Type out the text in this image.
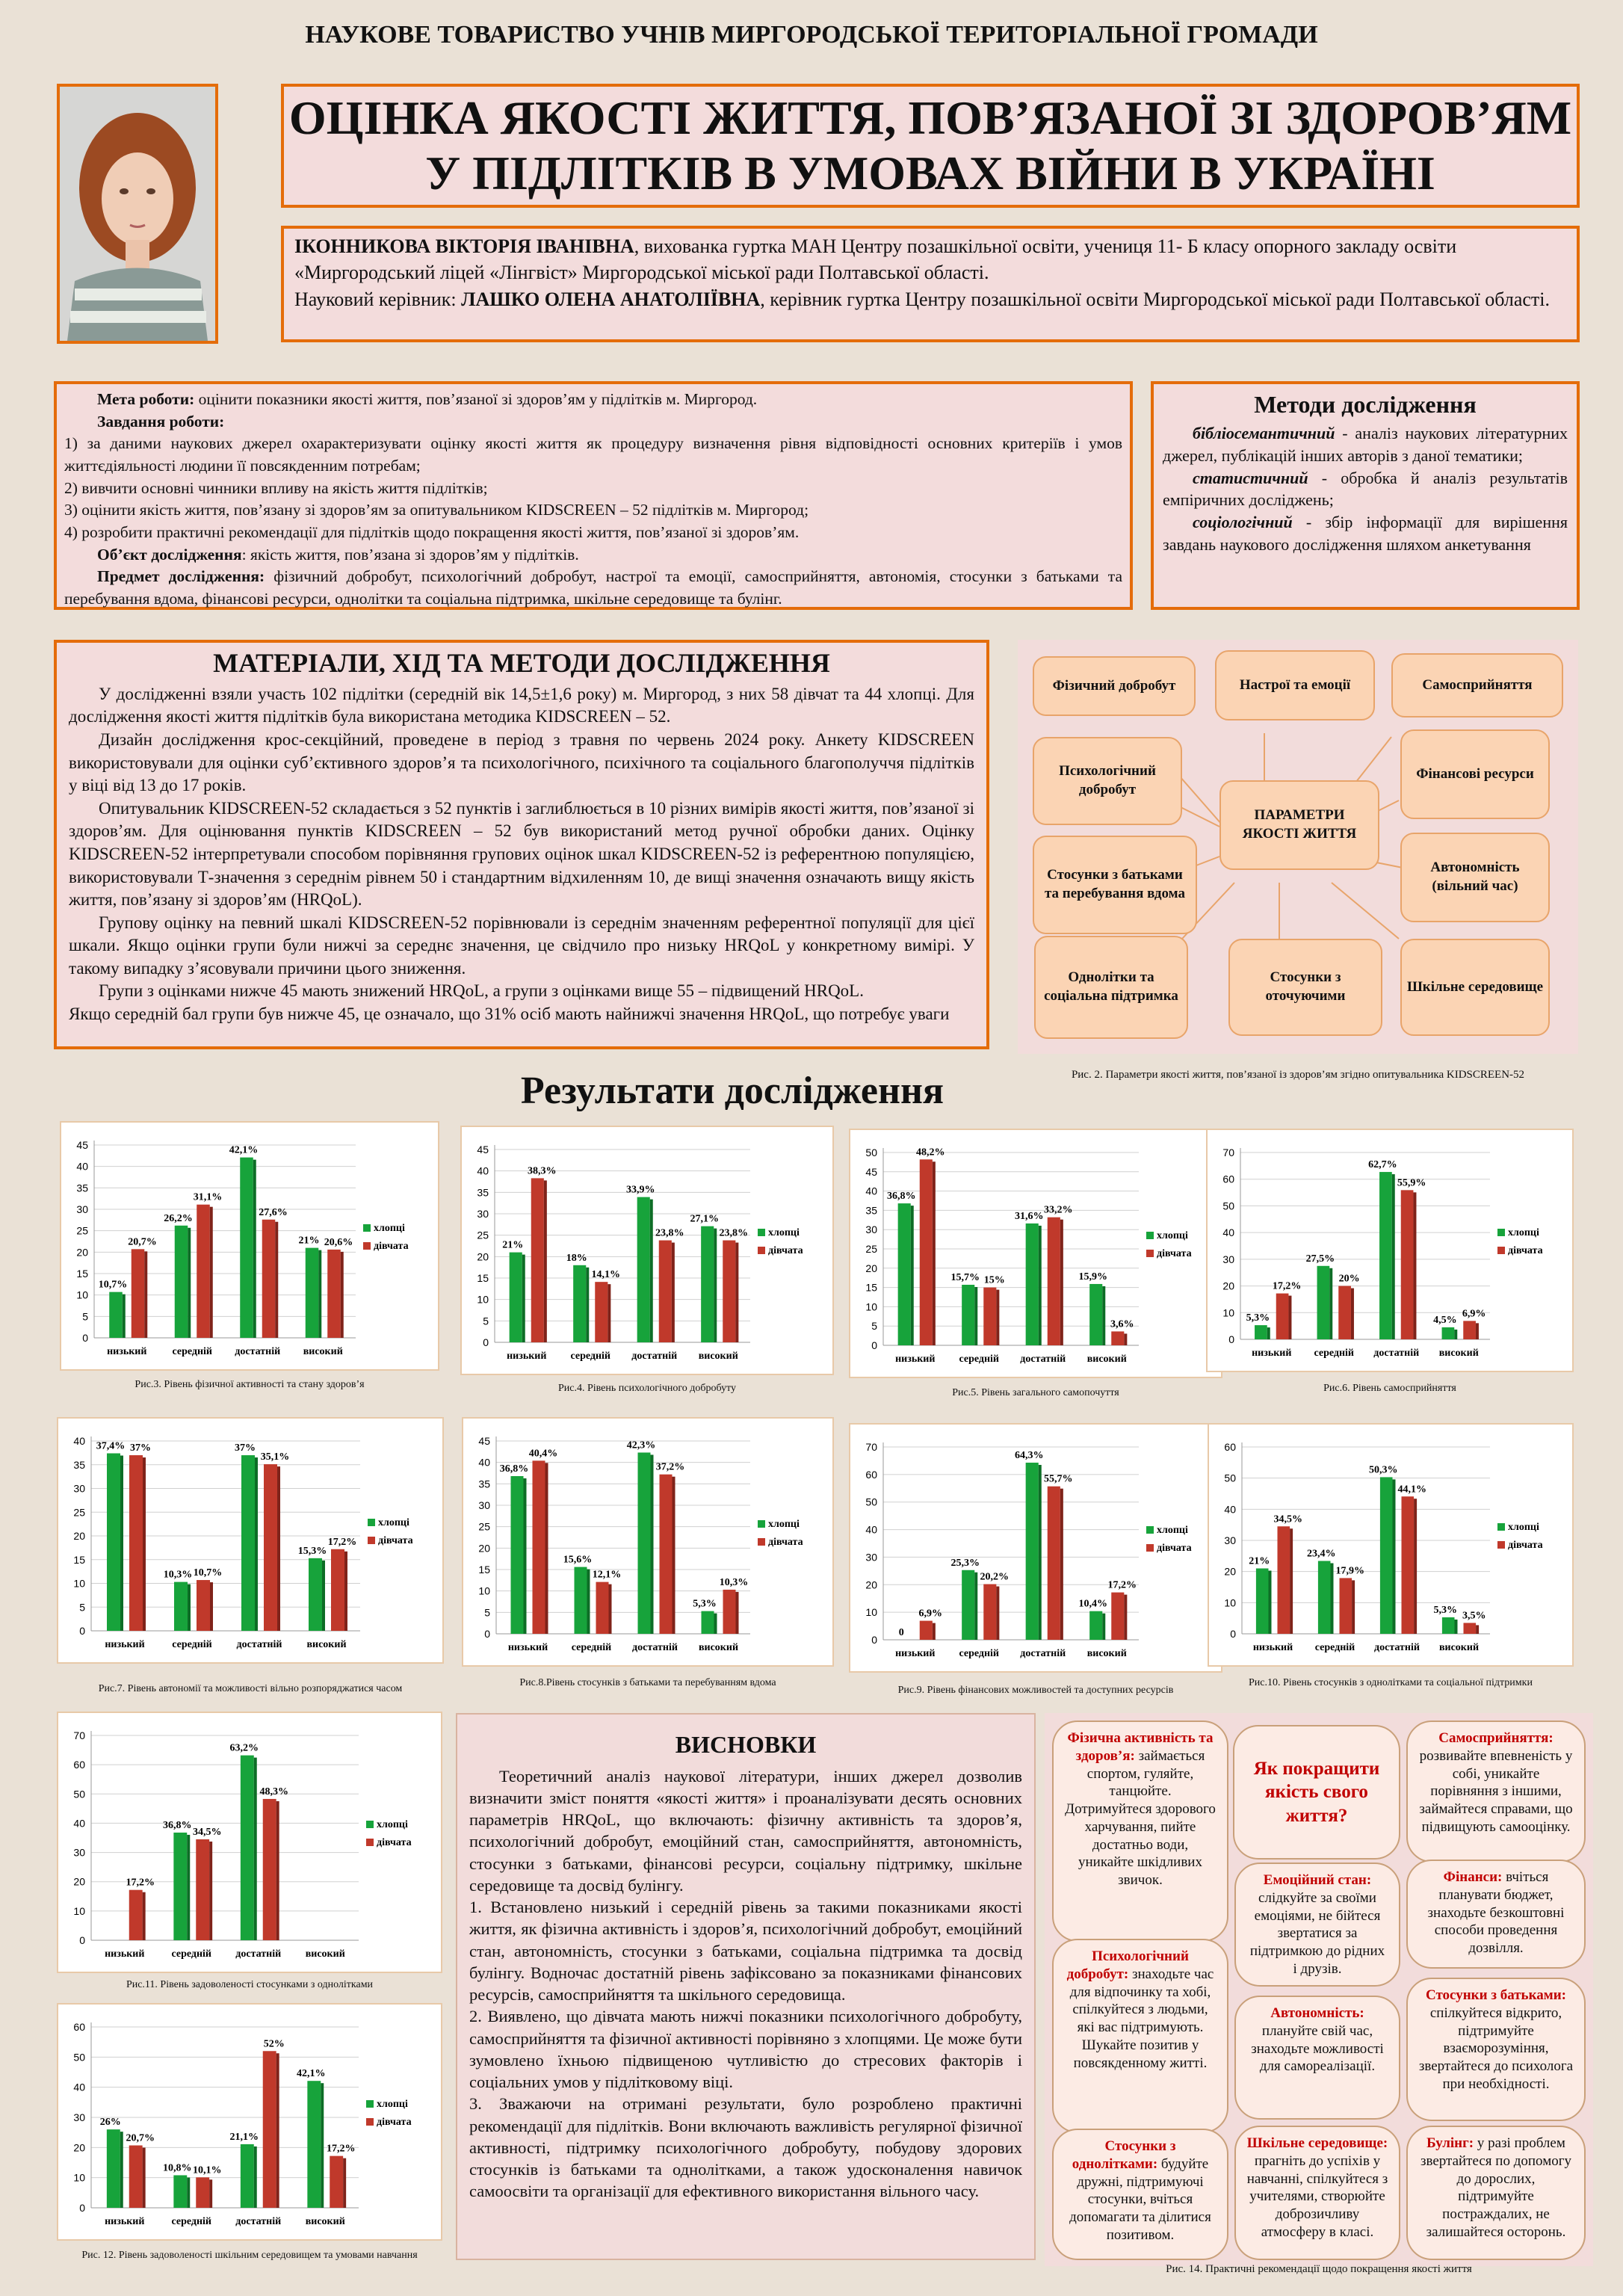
НАУКОВЕ ТОВАРИСТВО УЧНІВ МИРГОРОДСЬКОЇ ТЕРИТОРІАЛЬНОЇ ГРОМАДИ
ОЦІНКА ЯКОСТІ ЖИТТЯ, ПОВ’ЯЗАНОЇ ЗІ ЗДОРОВ’ЯМ
У ПІДЛІТКІВ В УМОВАХ ВІЙНИ В УКРАЇНІ

ІКОННИКОВА ВІКТОРІЯ ІВАНІВНА, вихованка гуртка МАН Центру позашкільної освіти, учениця 11- Б класу опорного закладу освіти «Миргородський ліцей «Лінгвіст» Миргородської міської ради Полтавської області.

Науковий керівник: ЛАШКО ОЛЕНА АНАТОЛІЇВНА, керівник гуртка Центру позашкільної освіти Миргородської міської ради Полтавської області.

Мета роботи: оцінити показники якості життя, пов’язаної зі здоров’ям у підлітків м. Миргород.

Завдання роботи:

1) за даними наукових джерел охарактеризувати оцінку якості життя як процедуру визначення рівня відповідності основних критеріїв і умов життєдіяльності людини її повсякденним потребам;

2) вивчити основні чинники впливу на якість життя підлітків;

3) оцінити якість життя, пов’язану зі здоров’ям за опитувальником KIDSCREEN – 52 підлітків м. Миргород;

4) розробити практичні рекомендації для підлітків щодо покращення якості життя, пов’язаної зі здоров’ям.

Об’єкт дослідження: якість життя, пов’язана зі здоров’ям у підлітків.

Предмет дослідження: фізичний добробут, психологічний добробут, настрої та емоції, самосприйняття, автономія, стосунки з батьками та перебування вдома, фінансові ресурси, однолітки та соціальна підтримка, шкільне середовище та булінг.

Методи дослідження

бібліосемантичний - аналіз наукових літературних джерел, публікацій інших авторів з даної тематики;

статистичний - обробка й аналіз результатів емпіричних досліджень;

соціологічний - збір інформації для вирішення завдань наукового дослідження шляхом анкетування

МАТЕРІАЛИ, ХІД ТА МЕТОДИ ДОСЛІДЖЕННЯ

У дослідженні взяли участь 102 підлітки (середній вік 14,5±1,6 року) м. Миргород, з них 58 дівчат та 44 хлопці. Для дослідження якості життя підлітків була використана методика KIDSCREEN – 52.

Дизайн дослідження крос-секційний, проведене в період з травня по червень 2024 року. Анкету KIDSCREEN використовували для оцінки суб’єктивного здоров’я та психологічного, психічного та соціального благополуччя підлітків у віці від 13 до 17 років.

Опитувальник KIDSCREEN-52 складається з 52 пунктів і заглиблюється в 10 різних вимірів якості життя, пов’язаної зі здоров’ям. Для оцінювання пунктів KIDSCREEN – 52 був використаний метод ручної обробки даних. Оцінку KIDSCREEN-52 інтерпретували способом порівняння групових оцінок шкал KIDSCREEN-52 із референтною популяцією, використовували Т-значення з середнім рівнем 50 і стандартним відхиленням 10, де вищі значення означають вищу якість життя, пов’язану зі здоров’ям (HRQoL).

Групову оцінку на певний шкалі KIDSCREEN-52 порівнювали із середнім значенням референтної популяції для цієї шкали. Якщо оцінки групи були нижчі за середнє значення, це свідчило про низьку HRQoL у конкретному вимірі. У такому випадку з’ясовували причини цього зниження.

Групи з оцінками нижче 45 мають знижений HRQoL, а групи з оцінками вище 55 – підвищений HRQoL.

Якщо середній бал групи був нижче 45, це означало, що 31% осіб мають найнижчі значення HRQoL, що потребує уваги

Фізичний добробут	Настрої та емоції	Самосприйняття
Психологічний добробут
Фінансові ресурси
ПАРАМЕТРИ ЯКОСТІ ЖИТТЯ
Стосунки з батьками та перебування вдома
Автономність (вільний час)
Однолітки та соціальна підтримка
Стосунки з оточуючими
Шкільне середовище
Рис. 2. Параметри якості життя, пов’язаної із здоров’ям згідно опитувальника KIDSCREEN-52
Результати дослідження
0
5
10
15
20
25
30
35
40
45
10,7%
20,7%
низький
26,2%
31,1%
середній
42,1%
27,6%
достатній
21% 20,6%
високий
хлопці
дівчата
Рис.3. Рівень фізичної активності та стану здоров’я
0
5
10
15
20
25
30
35
40
45
21%
38,3%
низький
18%
14,1%
середній
33,9%
23,8%
достатній
27,1%
23,8%
високий
хлопці
дівчата
Рис.4. Рівень психологічного добробуту
0
5
10
15
20
25
30
35
40
45
50
36,8%
48,2%
низький
15,7% 15%
середній
31,6%
33,2%
достатній
15,9%
3,6%
високий
хлопці
дівчата
Рис.5. Рівень загального самопочуття
0
10
20
30
40
50
60
70
5,3%
17,2%
низький
27,5%
20%
середній
62,7%
55,9%
достатній
4,5%
6,9%
високий
хлопці
дівчата
Рис.6. Рівень самосприйняття
0
5
10
15
20
25
30
35
40 37,4% 37%
низький
10,3% 10,7%
середній
37%
35,1%
достатній
15,3%
17,2%
високий
хлопці
дівчата
Рис.7. Рівень автономії та можливості вільно розпоряджатися часом
0
5
10
15
20
25
30
35
40
45
36,8%
40,4%
низький
15,6%
12,1%
середній
42,3%
37,2%
достатній
5,3%
10,3%
високий
хлопці
дівчата
Рис.8.Рівень стосунків з батьками та перебуванням вдома
0
10
20
30
40
50
60
70
0
6,9%
низький
25,3%
20,2%
середній
64,3%
55,7%
достатній
10,4%
17,2%
високий
хлопці
дівчата
Рис.9. Рівень фінансових можливостей та доступних ресурсів
0
10
20
30
40
50
60
21%
34,5%
низький
23,4%
17,9%
середній
50,3%
44,1%
достатній
5,3% 3,5%
високий
хлопці
дівчата
Рис.10. Рівень стосунків з однолітками та соціальної підтримки
0
10
20
30
40
50
60
70
17,2%
низький
36,8%
34,5%
середній
63,2%
48,3%
достатній високий
хлопці
дівчата
Рис.11. Рівень задоволеності стосунками з однолітками
0
10
20
30
40
50
60
26%
20,7%
низький
10,8% 10,1%
середній
21,1%
52%
достатній
42,1%
17,2%
високий
хлопці
дівчата
Рис. 12. Рівень задоволеності шкільним середовищем та умовами навчання
ВИСНОВКИ

Теоретичний аналіз наукової літератури, інших джерел дозволив визначити зміст поняття «якості життя» і проаналізувати десять основних параметрів HRQoL, що включають: фізичну активність та здоров’я, психологічний добробут, емоційний стан, самосприйняття, автономність, стосунки з батьками, фінансові ресурси, соціальну підтримку, шкільне середовище та досвід булінгу.

1. Встановлено низький і середній рівень за такими показниками якості життя, як фізична активність і здоров’я, психологічний добробут, емоційний стан, автономність, стосунки з батьками, соціальна підтримка та досвід булінгу. Водночас достатній рівень зафіксовано за показниками фінансових ресурсів, самосприйняття та шкільного середовища.

2. Виявлено, що дівчата мають нижчі показники психологічного добробуту, самосприйняття та фізичної активності порівняно з хлопцями. Це може бути зумовлено їхньою підвищеною чутливістю до стресових факторів і соціальних умов у підлітковому віці.

3. Зважаючи на отримані результати, було розроблено практичні рекомендації для підлітків. Вони включають важливість регулярної фізичної активності, підтримку психологічного добробуту, побудову здорових стосунків із батьками та однолітками, а також удосконалення навичок самоосвіти та організації для ефективного використання вільного часу.

Фізична активність та здоров’я: займається спортом, гуляйте, танцюйте. Дотримуйтеся здорового харчування, пийте достатньо води, уникайте шкідливих звичок.
Як покращити якість свого життя?
Самосприйняття: розвивайте впевненість у собі, уникайте порівняння з іншими, займайтеся справами, що підвищують самооцінку.
Емоційний стан: слідкуйте за своїми емоціями, не бійтеся звертатися за підтримкою до рідних і друзів.
Фінанси: вчіться планувати бюджет, знаходьте безкоштовні способи проведення дозвілля.
Психологічний добробут: знаходьте час для відпочинку та хобі, спілкуйтеся з людьми, які вас підтримують. Шукайте позитив у повсякденному житті.
Автономність: плануйте свій час, знаходьте можливості для самореалізації.
Стосунки з батьками: спілкуйтеся відкрито, підтримуйте взаєморозуміння, звертайтеся до психолога при необхідності.
Стосунки з однолітками: будуйте дружні, підтримуючі стосунки, вчіться допомагати та ділитися позитивом.
Шкільне середовище: прагніть до успіхів у навчанні, спілкуйтеся з учителями, створюйте доброзичливу атмосферу в класі.
Булінг: у разі проблем звертайтеся по допомогу до дорослих, підтримуйте постраждалих, не залишайтеся осторонь.
Рис. 14. Практичні рекомендації щодо покращення якості життя
